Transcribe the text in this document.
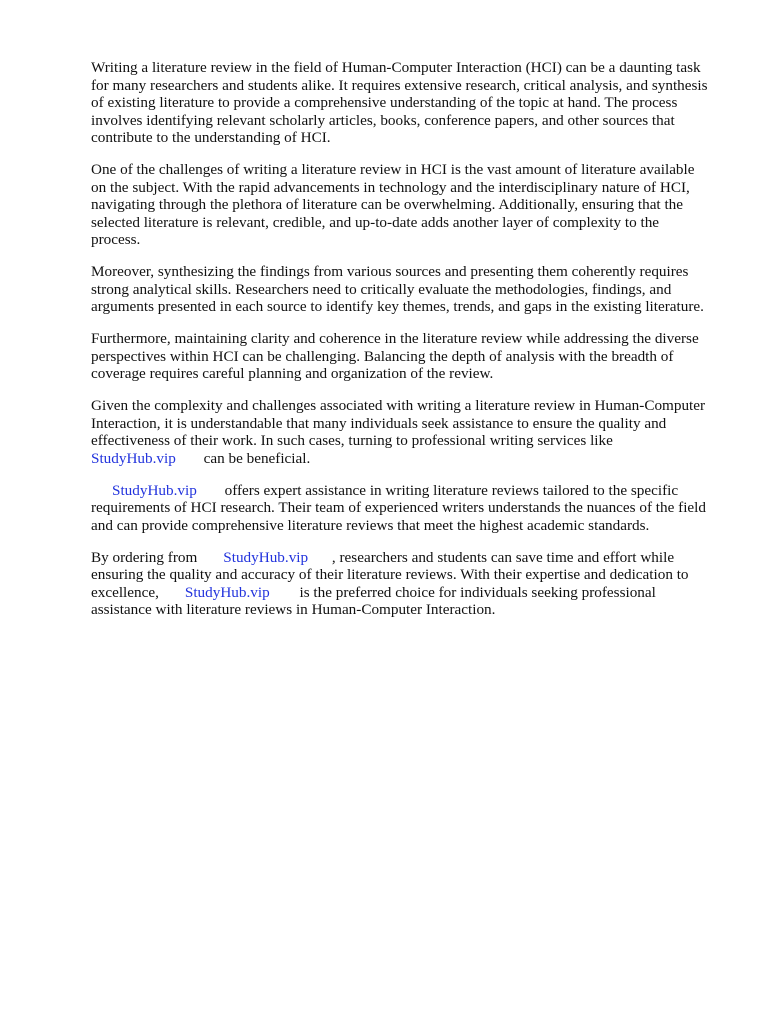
Writing a literature review in the field of Human-Computer Interaction (HCI) can be a daunting task
for many researchers and students alike. It requires extensive research, critical analysis, and synthesis
of existing literature to provide a comprehensive understanding of the topic at hand. The process
involves identifying relevant scholarly articles, books, conference papers, and other sources that
contribute to the understanding of HCI.

One of the challenges of writing a literature review in HCI is the vast amount of literature available
on the subject. With the rapid advancements in technology and the interdisciplinary nature of HCI,
navigating through the plethora of literature can be overwhelming. Additionally, ensuring that the
selected literature is relevant, credible, and up-to-date adds another layer of complexity to the
process.

Moreover, synthesizing the findings from various sources and presenting them coherently requires
strong analytical skills. Researchers need to critically evaluate the methodologies, findings, and
arguments presented in each source to identify key themes, trends, and gaps in the existing literature.

Furthermore, maintaining clarity and coherence in the literature review while addressing the diverse
perspectives within HCI can be challenging. Balancing the depth of analysis with the breadth of
coverage requires careful planning and organization of the review.

Given the complexity and challenges associated with writing a literature review in Human-Computer
Interaction, it is understandable that many individuals seek assistance to ensure the quality and
effectiveness of their work. In such cases, turning to professional writing services like
StudyHub.vip can be beneficial.

StudyHub.vip offers expert assistance in writing literature reviews tailored to the specific
requirements of HCI research. Their team of experienced writers understands the nuances of the field
and can provide comprehensive literature reviews that meet the highest academic standards.

By ordering from StudyHub.vip , researchers and students can save time and effort while
ensuring the quality and accuracy of their literature reviews. With their expertise and dedication to
excellence, StudyHub.vip is the preferred choice for individuals seeking professional
assistance with literature reviews in Human-Computer Interaction.
